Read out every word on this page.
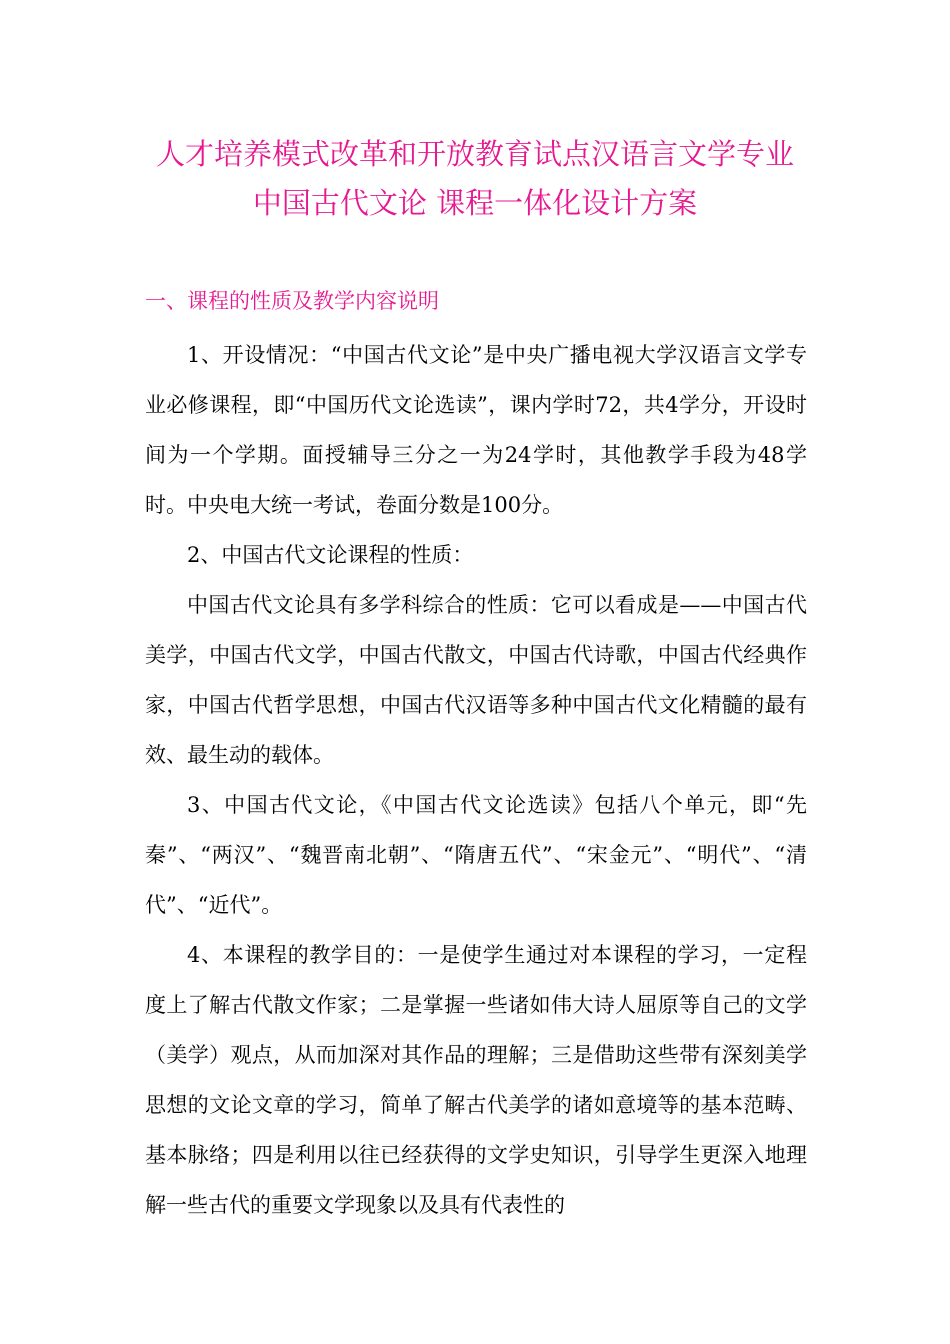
人才培养模式改革和开放教育试点汉语言文学专业
中国古代文论 课程一体化设计方案
一、课程的性质及教学内容说明

1、开设情况：“中国古代文论”是中央广播电视大学汉语言文学专业必修课程，即“中国历代文论选读”，课内学时72，共4学分，开设时间为一个学期。面授辅导三分之一为24学时，其他教学手段为48学时。中央电大统一考试，卷面分数是100分。

2、中国古代文论课程的性质：

中国古代文论具有多学科综合的性质：它可以看成是——中国古代美学，中国古代文学，中国古代散文，中国古代诗歌，中国古代经典作家，中国古代哲学思想，中国古代汉语等多种中国古代文化精髓的最有效、最生动的载体。

3、中国古代文论，《中国古代文论选读》包括八个单元，即“先秦”、“两汉”、“魏晋南北朝”、“隋唐五代”、“宋金元”、“明代”、“清代”、“近代”。

4、本课程的教学目的：一是使学生通过对本课程的学习，一定程度上了解古代散文作家；二是掌握一些诸如伟大诗人屈原等自己的文学（美学）观点，从而加深对其作品的理解；三是借助这些带有深刻美学思想的文论文章的学习，简单了解古代美学的诸如意境等的基本范畴、基本脉络；四是利用以往已经获得的文学史知识，引导学生更深入地理解一些古代的重要文学现象以及具有代表性的
